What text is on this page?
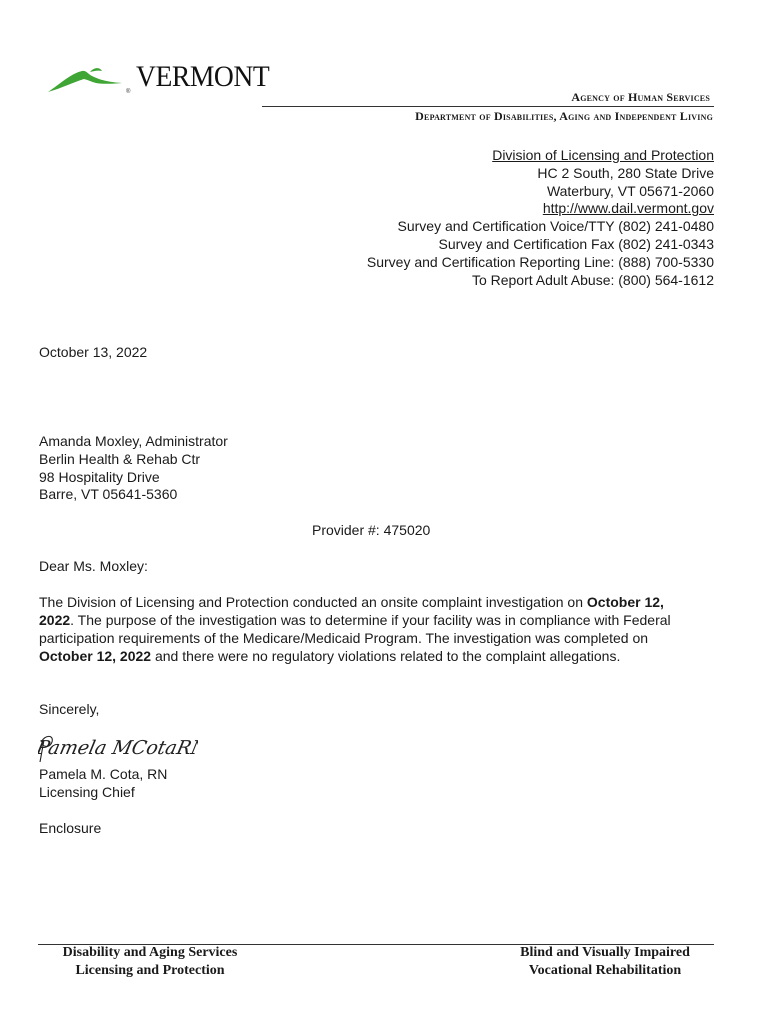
® VERMONT
Agency of Human Services
Department of Disabilities, Aging and Independent Living
Division of Licensing and Protection
HC 2 South, 280 State Drive
Waterbury, VT 05671-2060
http://www.dail.vermont.gov
Survey and Certification Voice/TTY (802) 241-0480
Survey and Certification Fax (802) 241-0343
Survey and Certification Reporting Line: (888) 700-5330
To Report Adult Abuse: (800) 564-1612
October 13, 2022
Amanda Moxley, Administrator
Berlin Health & Rehab Ctr
98 Hospitality Drive
Barre, VT 05641-5360
Provider #: 475020
Dear Ms. Moxley:
The Division of Licensing and Protection conducted an onsite complaint investigation on October 12, 2022. The purpose of the investigation was to determine if your facility was in compliance with Federal participation requirements of the Medicare/Medicaid Program. The investigation was completed on October 12, 2022 and there were no regulatory violations related to the complaint allegations.
Sincerely,
Pamela MCotaRN
Pamela M. Cota, RN
Licensing Chief
Enclosure
Disability and Aging Services
Licensing and Protection
Blind and Visually Impaired
Vocational Rehabilitation
